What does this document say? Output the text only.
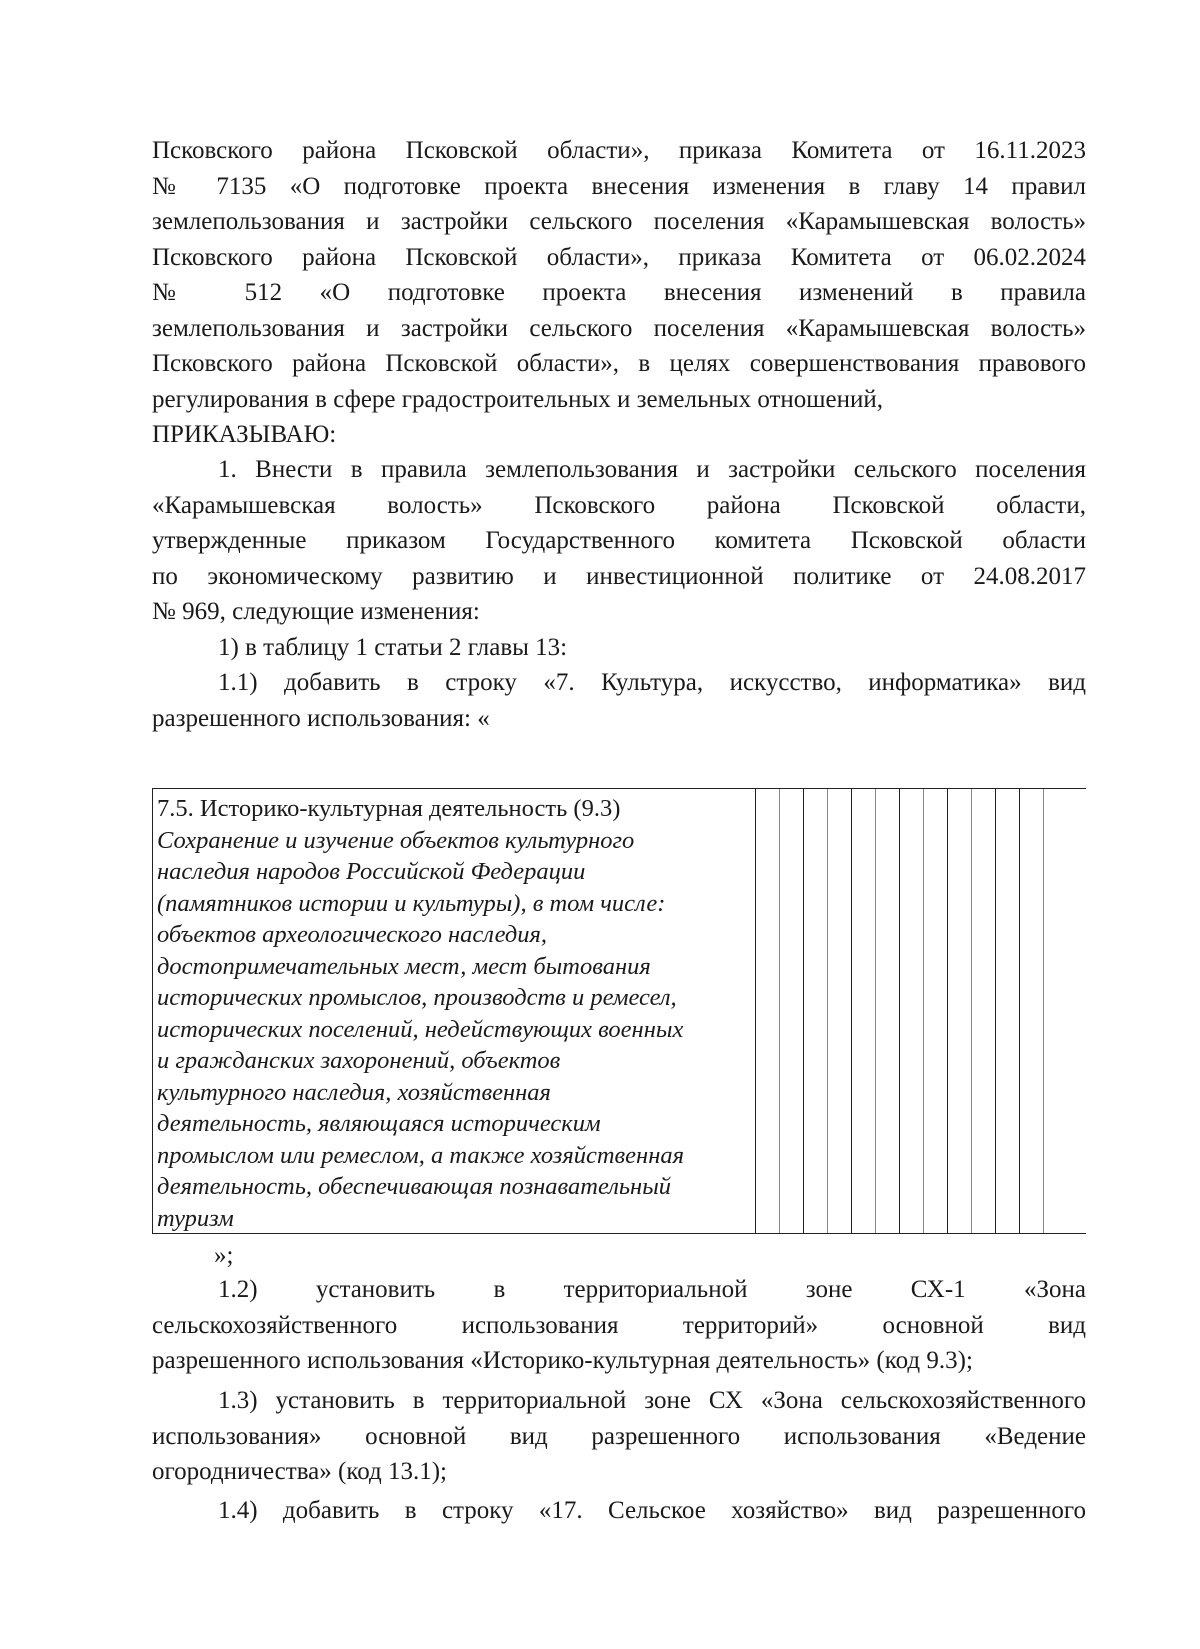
Псковского района Псковской области», приказа Комитета от 16.11.2023
№ 7135 «О подготовке проекта внесения изменения в главу 14 правил
землепользования и застройки сельского поселения «Карамышевская волость»
Псковского района Псковской области», приказа Комитета от 06.02.2024
№ 512 «О подготовке проекта внесения изменений в правила
землепользования и застройки сельского поселения «Карамышевская волость»
Псковского района Псковской области», в целях совершенствования правового
регулирования в сфере градостроительных и земельных отношений,
ПРИКАЗЫВАЮ:
1. Внести в правила землепользования и застройки сельского поселения
«Карамышевская волость» Псковского района Псковской области,
утвержденные приказом Государственного комитета Псковской области
по экономическому развитию и инвестиционной политике от 24.08.2017
№ 969, следующие изменения:
1) в таблицу 1 статьи 2 главы 13:
1.1) добавить в строку «7. Культура, искусство, информатика» вид
разрешенного использования: «
7.5. Историко-культурная деятельность (9.3)
Сохранение и изучение объектов культурного
наследия народов Российской Федерации
(памятников истории и культуры), в том числе:
объектов археологического наследия,
достопримечательных мест, мест бытования
исторических промыслов, производств и ремесел,
исторических поселений, недействующих военных
и гражданских захоронений, объектов
культурного наследия, хозяйственная
деятельность, являющаяся историческим
промыслом или ремеслом, а также хозяйственная
деятельность, обеспечивающая познавательный
туризм
»;
1.2) установить в территориальной зоне СХ-1 «Зона
сельскохозяйственного использования территорий» основной вид
разрешенного использования «Историко-культурная деятельность» (код 9.3);
1.3) установить в территориальной зоне СХ «Зона сельскохозяйственного
использования» основной вид разрешенного использования «Ведение
огородничества» (код 13.1);
1.4) добавить в строку «17. Сельское хозяйство» вид разрешенного
